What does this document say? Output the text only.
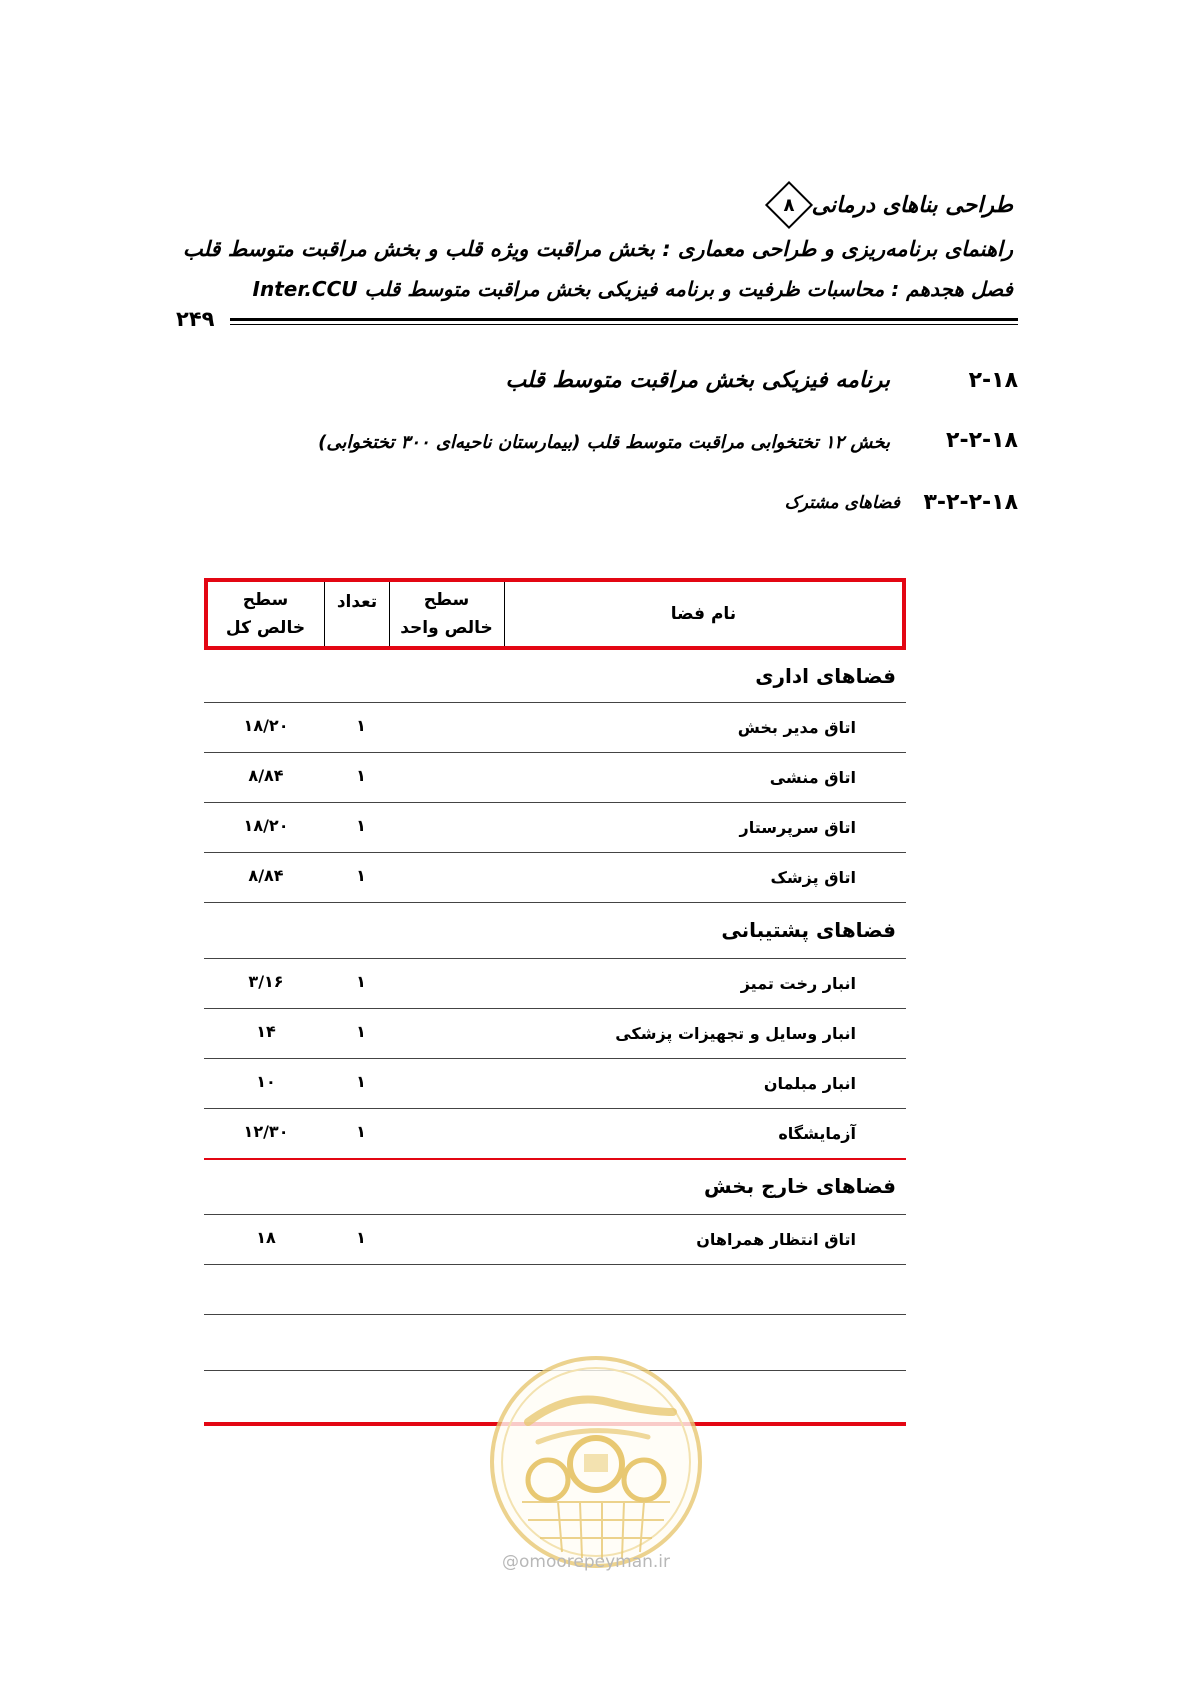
طراحی بناهای درمانی
۸
راهنمای برنامه‌ریزی و طراحی معماری : بخش مراقبت ویژه قلب و بخش مراقبت متوسط قلب
فصل هجدهم : محاسبات ظرفیت و برنامه فیزیکی بخش مراقبت متوسط قلب Inter.CCU
۲۴۹
۲-۱۸
برنامه فیزیکی بخش مراقبت متوسط قلب
۲-۲-۱۸
بخش ۱۲ تختخوابی مراقبت متوسط قلب (بیمارستان ناحیه‌ای ۳۰۰ تختخوابی)
۳-۲-۲-۱۸
فضاهای مشترک
سطح
خالص کل
تعداد	سطح
خالص واحد
نام فضا
فضاهای اداری
اتاق مدیر بخش
۱
۱۸/۲۰
اتاق منشی
۱
۸/۸۴
اتاق سرپرستار
۱
۱۸/۲۰
اتاق پزشک
۱
۸/۸۴
فضاهای پشتیبانی
انبار رخت تمیز
۱
۳/۱۶
انبار وسایل و تجهیزات پزشکی
۱
۱۴
انبار مبلمان
۱
۱۰
آزمایشگاه
۱
۱۲/۳۰
فضاهای خارج بخش
اتاق انتظار همراهان
۱
۱۸
@omoorepeyman.ir
